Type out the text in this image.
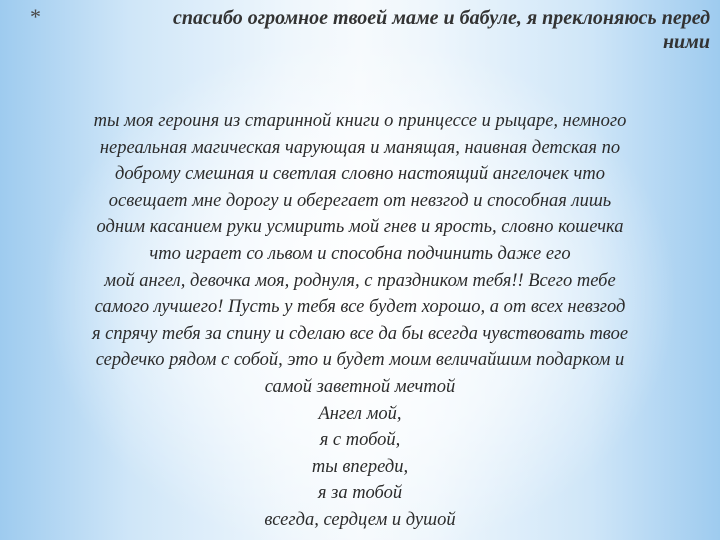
*	спасибо огромное твоей маме и бабуле, я преклоняюсь перед
ними

ты моя героиня из старинной книги о принцессе и рыцаре, немного
нереальная магическая чарующая и манящая, наивная детская по
доброму смешная и светлая словно настоящий ангелочек что
освещает мне дорогу и оберегает от невзгод и способная лишь
одним касанием руки усмирить мой гнев и ярость, словно кошечка
что играет со львом и способна подчинить даже его
мой ангел, девочка моя, роднуля, с праздником тебя!! Всего тебе
самого лучшего! Пусть у тебя все будет хорошо, а от всех невзгод
я спрячу тебя за спину и сделаю все да бы всегда чувствовать твое
сердечко рядом с собой, это и будет моим величайшим подарком и
самой заветной мечтой
Ангел мой,
я с тобой,
ты впереди,
я за тобой
всегда, сердцем и душой
